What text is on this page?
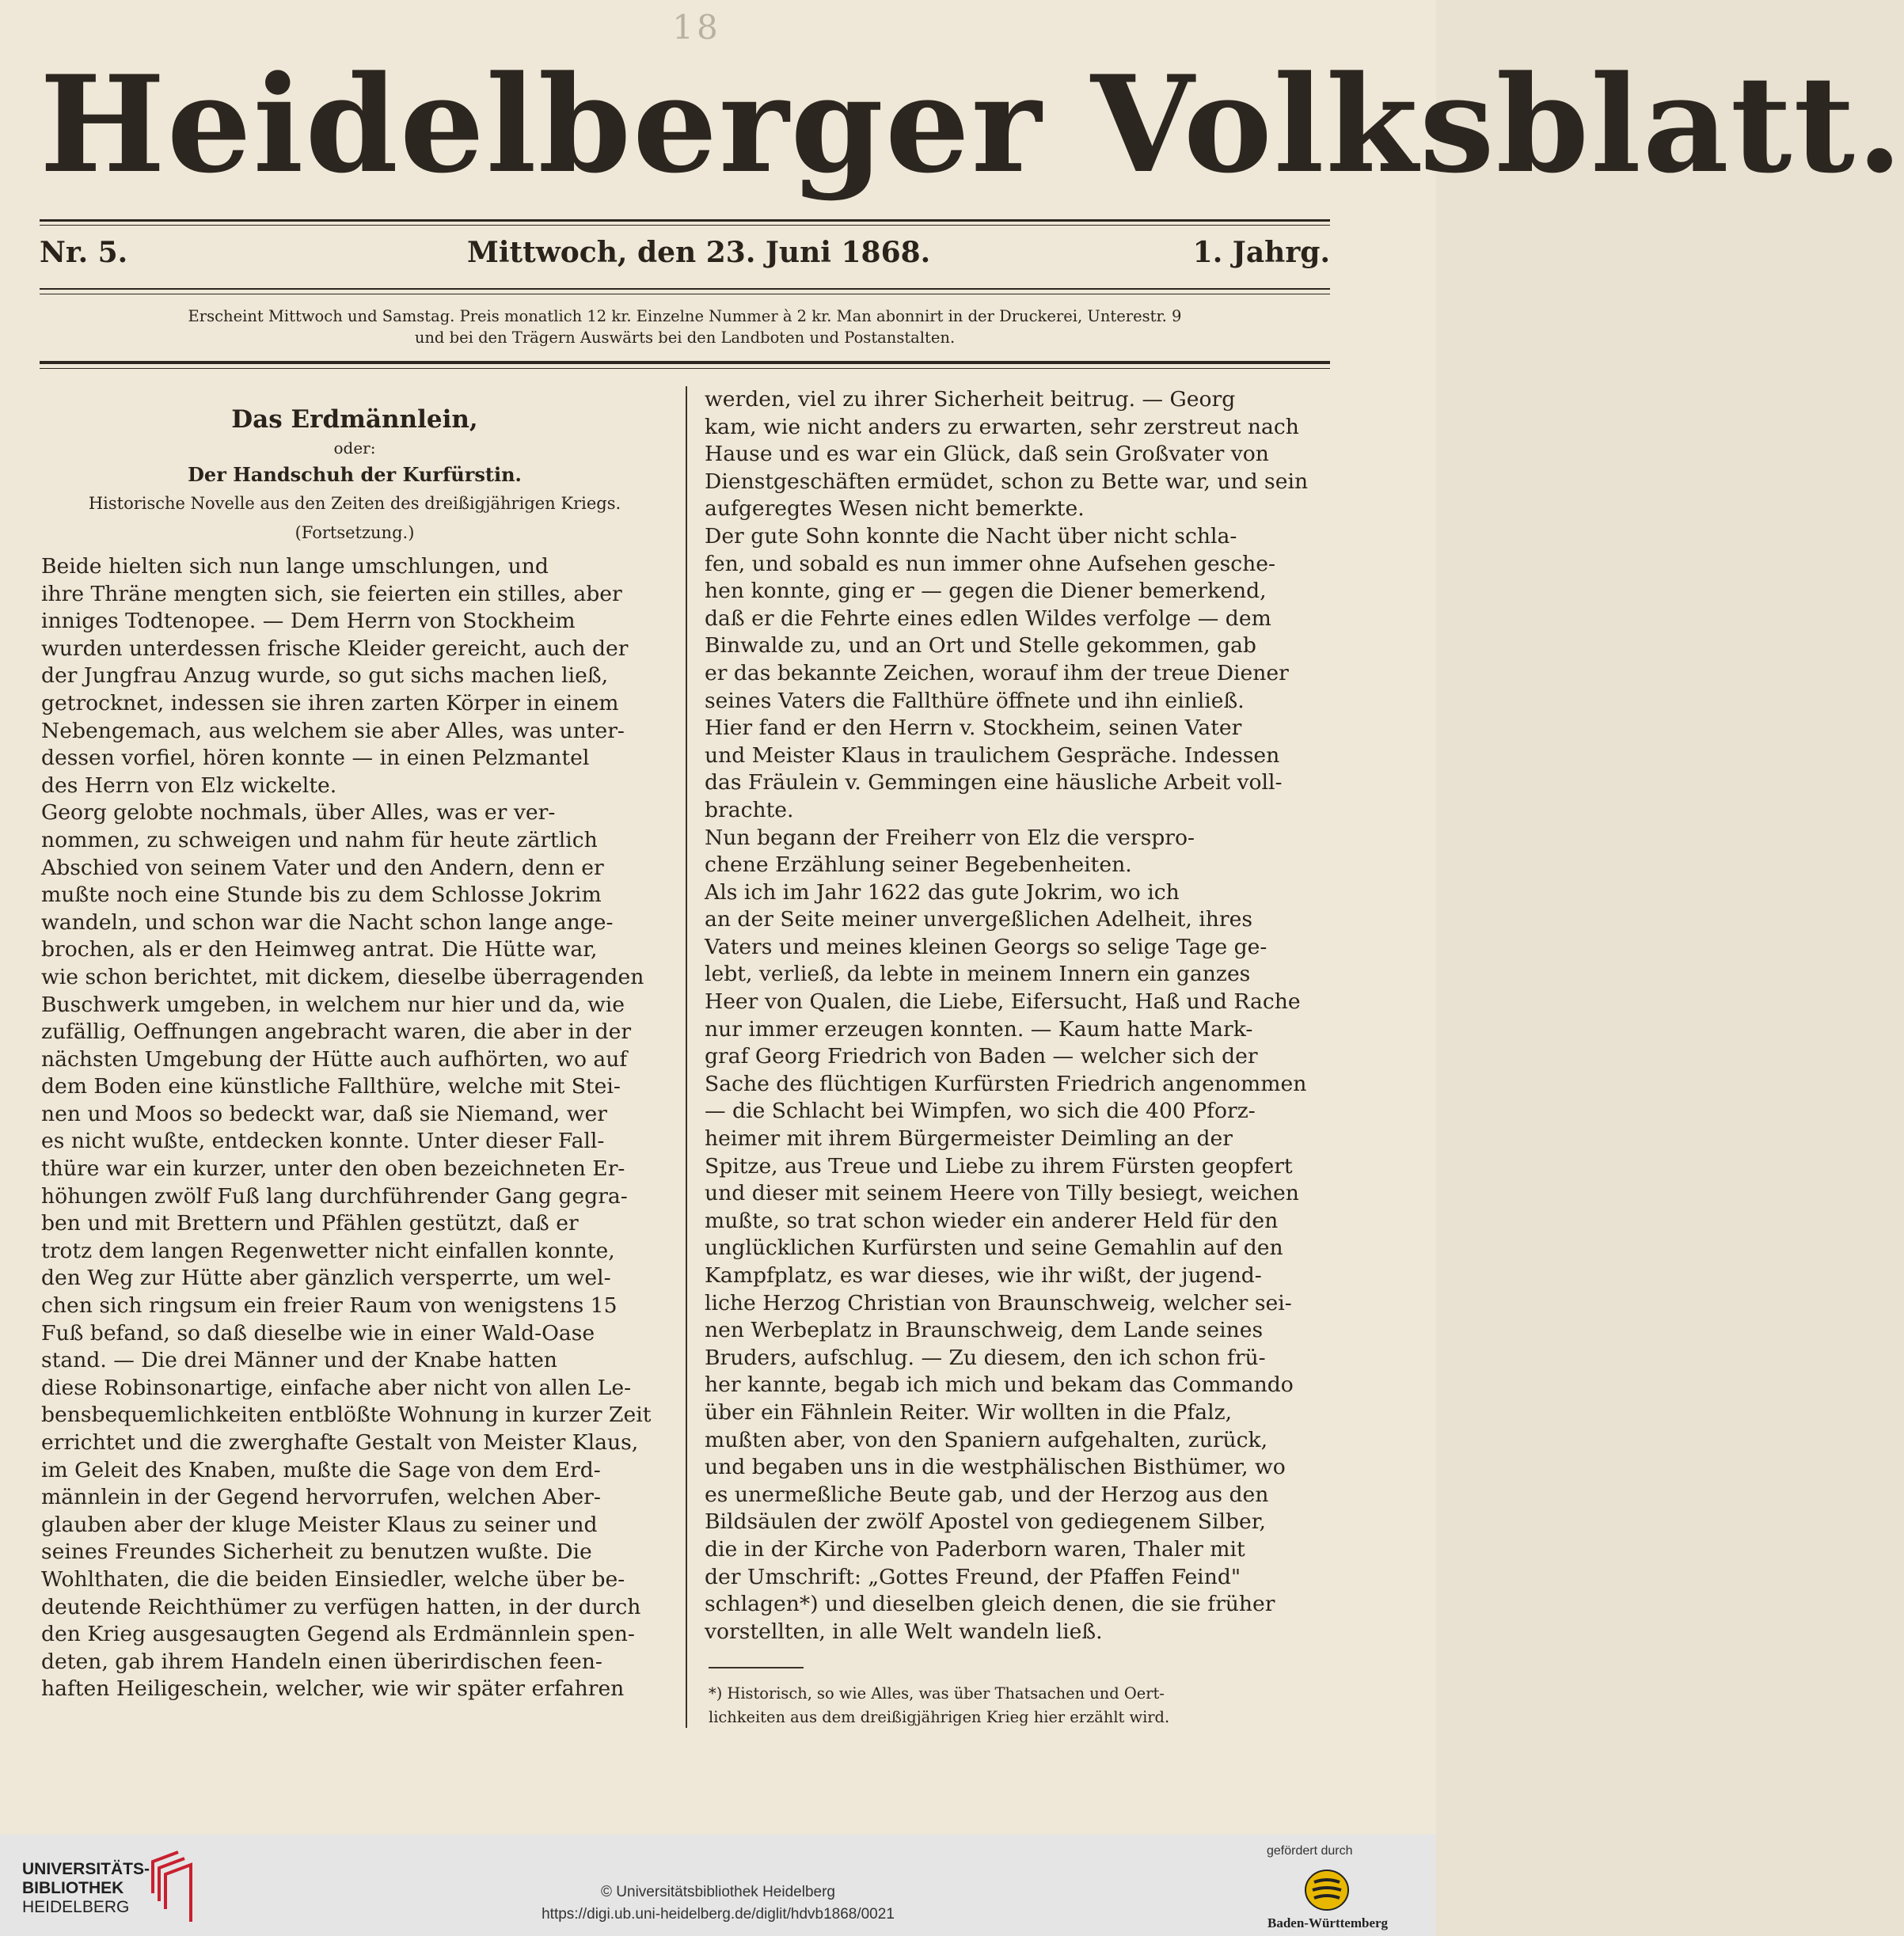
18
Heidelberger Volksblatt.
Nr. 5.	Mittwoch, den 23. Juni 1868.	1. Jahrg.
Erscheint Mittwoch und Samstag. Preis monatlich 12 kr. Einzelne Nummer à 2 kr. Man abonnirt in der Druckerei, Unterestr. 9
und bei den Trägern Auswärts bei den Landboten und Postanstalten.

Das Erdmännlein,

oder:

Der Handschuh der Kurfürstin.

Historische Novelle aus den Zeiten des dreißigjährigen Kriegs.

(Fortsetzung.)

Beide hielten sich nun lange umschlungen, und

ihre Thräne mengten sich, sie feierten ein stilles, aber

inniges Todtenopee. — Dem Herrn von Stockheim

wurden unterdessen frische Kleider gereicht, auch der

der Jungfrau Anzug wurde, so gut sichs machen ließ,

getrocknet, indessen sie ihren zarten Körper in einem

Nebengemach, aus welchem sie aber Alles, was unter-

dessen vorfiel, hören konnte — in einen Pelzmantel

des Herrn von Elz wickelte.

Georg gelobte nochmals, über Alles, was er ver-

nommen, zu schweigen und nahm für heute zärtlich

Abschied von seinem Vater und den Andern, denn er

mußte noch eine Stunde bis zu dem Schlosse Jokrim

wandeln, und schon war die Nacht schon lange ange-

brochen, als er den Heimweg antrat. Die Hütte war,

wie schon berichtet, mit dickem, dieselbe überragenden

Buschwerk umgeben, in welchem nur hier und da, wie

zufällig, Oeffnungen angebracht waren, die aber in der

nächsten Umgebung der Hütte auch aufhörten, wo auf

dem Boden eine künstliche Fallthüre, welche mit Stei-

nen und Moos so bedeckt war, daß sie Niemand, wer

es nicht wußte, entdecken konnte. Unter dieser Fall-

thüre war ein kurzer, unter den oben bezeichneten Er-

höhungen zwölf Fuß lang durchführender Gang gegra-

ben und mit Brettern und Pfählen gestützt, daß er

trotz dem langen Regenwetter nicht einfallen konnte,

den Weg zur Hütte aber gänzlich versperrte, um wel-

chen sich ringsum ein freier Raum von wenigstens 15

Fuß befand, so daß dieselbe wie in einer Wald-Oase

stand. — Die drei Männer und der Knabe hatten

diese Robinsonartige, einfache aber nicht von allen Le-

bensbequemlichkeiten entblößte Wohnung in kurzer Zeit

errichtet und die zwerghafte Gestalt von Meister Klaus,

im Geleit des Knaben, mußte die Sage von dem Erd-

männlein in der Gegend hervorrufen, welchen Aber-

glauben aber der kluge Meister Klaus zu seiner und

seines Freundes Sicherheit zu benutzen wußte. Die

Wohlthaten, die die beiden Einsiedler, welche über be-

deutende Reichthümer zu verfügen hatten, in der durch

den Krieg ausgesaugten Gegend als Erdmännlein spen-

deten, gab ihrem Handeln einen überirdischen feen-

haften Heiligeschein, welcher, wie wir später erfahren

werden, viel zu ihrer Sicherheit beitrug. — Georg

kam, wie nicht anders zu erwarten, sehr zerstreut nach

Hause und es war ein Glück, daß sein Großvater von

Dienstgeschäften ermüdet, schon zu Bette war, und sein

aufgeregtes Wesen nicht bemerkte.

Der gute Sohn konnte die Nacht über nicht schla-

fen, und sobald es nun immer ohne Aufsehen gesche-

hen konnte, ging er — gegen die Diener bemerkend,

daß er die Fehrte eines edlen Wildes verfolge — dem

Binwalde zu, und an Ort und Stelle gekommen, gab

er das bekannte Zeichen, worauf ihm der treue Diener

seines Vaters die Fallthüre öffnete und ihn einließ.

Hier fand er den Herrn v. Stockheim, seinen Vater

und Meister Klaus in traulichem Gespräche. Indessen

das Fräulein v. Gemmingen eine häusliche Arbeit voll-

brachte.

Nun begann der Freiherr von Elz die verspro-

chene Erzählung seiner Begebenheiten.

Als ich im Jahr 1622 das gute Jokrim, wo ich

an der Seite meiner unvergeßlichen Adelheit, ihres

Vaters und meines kleinen Georgs so selige Tage ge-

lebt, verließ, da lebte in meinem Innern ein ganzes

Heer von Qualen, die Liebe, Eifersucht, Haß und Rache

nur immer erzeugen konnten. — Kaum hatte Mark-

graf Georg Friedrich von Baden — welcher sich der

Sache des flüchtigen Kurfürsten Friedrich angenommen

— die Schlacht bei Wimpfen, wo sich die 400 Pforz-

heimer mit ihrem Bürgermeister Deimling an der

Spitze, aus Treue und Liebe zu ihrem Fürsten geopfert

und dieser mit seinem Heere von Tilly besiegt, weichen

mußte, so trat schon wieder ein anderer Held für den

unglücklichen Kurfürsten und seine Gemahlin auf den

Kampfplatz, es war dieses, wie ihr wißt, der jugend-

liche Herzog Christian von Braunschweig, welcher sei-

nen Werbeplatz in Braunschweig, dem Lande seines

Bruders, aufschlug. — Zu diesem, den ich schon frü-

her kannte, begab ich mich und bekam das Commando

über ein Fähnlein Reiter. Wir wollten in die Pfalz,

mußten aber, von den Spaniern aufgehalten, zurück,

und begaben uns in die westphälischen Bisthümer, wo

es unermeßliche Beute gab, und der Herzog aus den

Bildsäulen der zwölf Apostel von gediegenem Silber,

die in der Kirche von Paderborn waren, Thaler mit

der Umschrift: „Gottes Freund, der Pfaffen Feind"

schlagen*) und dieselben gleich denen, die sie früher

vorstellten, in alle Welt wandeln ließ.

*) Historisch, so wie Alles, was über Thatsachen und Oert-

lichkeiten aus dem dreißigjährigen Krieg hier erzählt wird.

UNIVERSITÄTS-
BIBLIOTHEK
HEIDELBERG
© Universitätsbibliothek Heidelberg
https://digi.ub.uni-heidelberg.de/diglit/hdvb1868/0021
gefördert durch
Baden-Württemberg
